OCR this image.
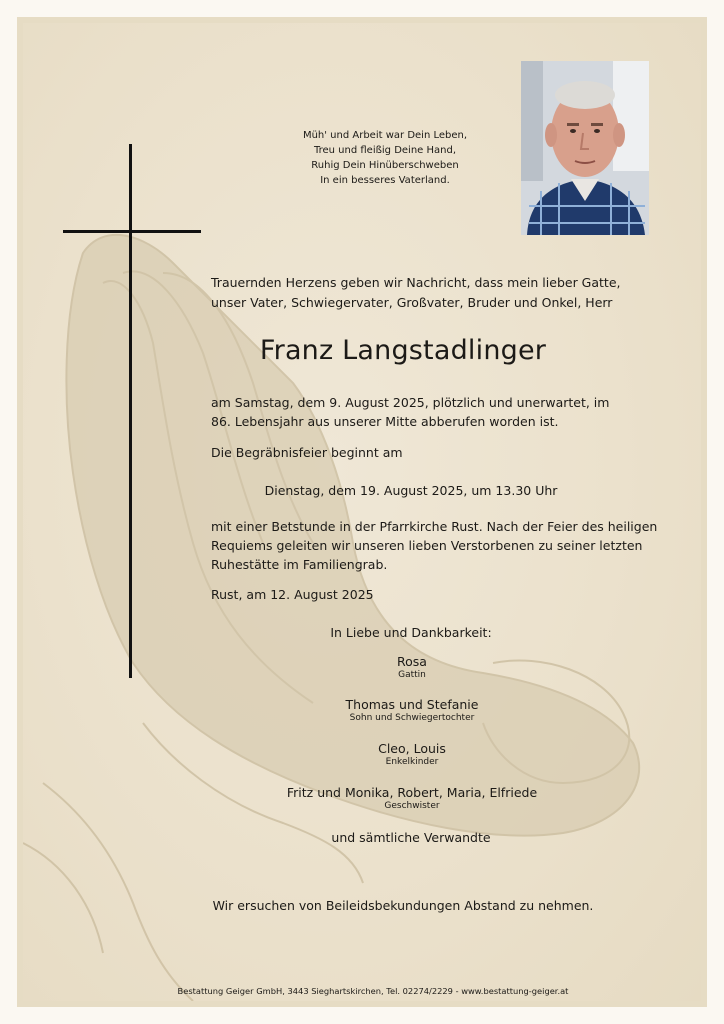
Müh' und Arbeit war Dein Leben,
Treu und fleißig Deine Hand,
Ruhig Dein Hinüberschweben
In ein besseres Vaterland.
Trauernden Herzens geben wir Nachricht, dass mein lieber Gatte,
unser Vater, Schwiegervater, Großvater, Bruder und Onkel, Herr
Franz Langstadlinger
am Samstag, dem 9. August 2025, plötzlich und unerwartet, im
86. Lebensjahr aus unserer Mitte abberufen worden ist.
Die Begräbnisfeier beginnt am
Dienstag, dem 19. August 2025, um 13.30 Uhr
mit einer Betstunde in der Pfarrkirche Rust. Nach der Feier des heiligen
Requiems geleiten wir unseren lieben Verstorbenen zu seiner letzten
Ruhestätte im Familiengrab.
Rust, am 12. August 2025
In Liebe und Dankbarkeit:
Rosa
Gattin
Thomas und Stefanie
Sohn und Schwiegertochter
Cleo, Louis
Enkelkinder
Fritz und Monika, Robert, Maria, Elfriede
Geschwister
und sämtliche Verwandte
Wir ersuchen von Beileidsbekundungen Abstand zu nehmen.
Bestattung Geiger GmbH, 3443 Sieghartskirchen, Tel. 02274/2229 - www.bestattung-geiger.at
